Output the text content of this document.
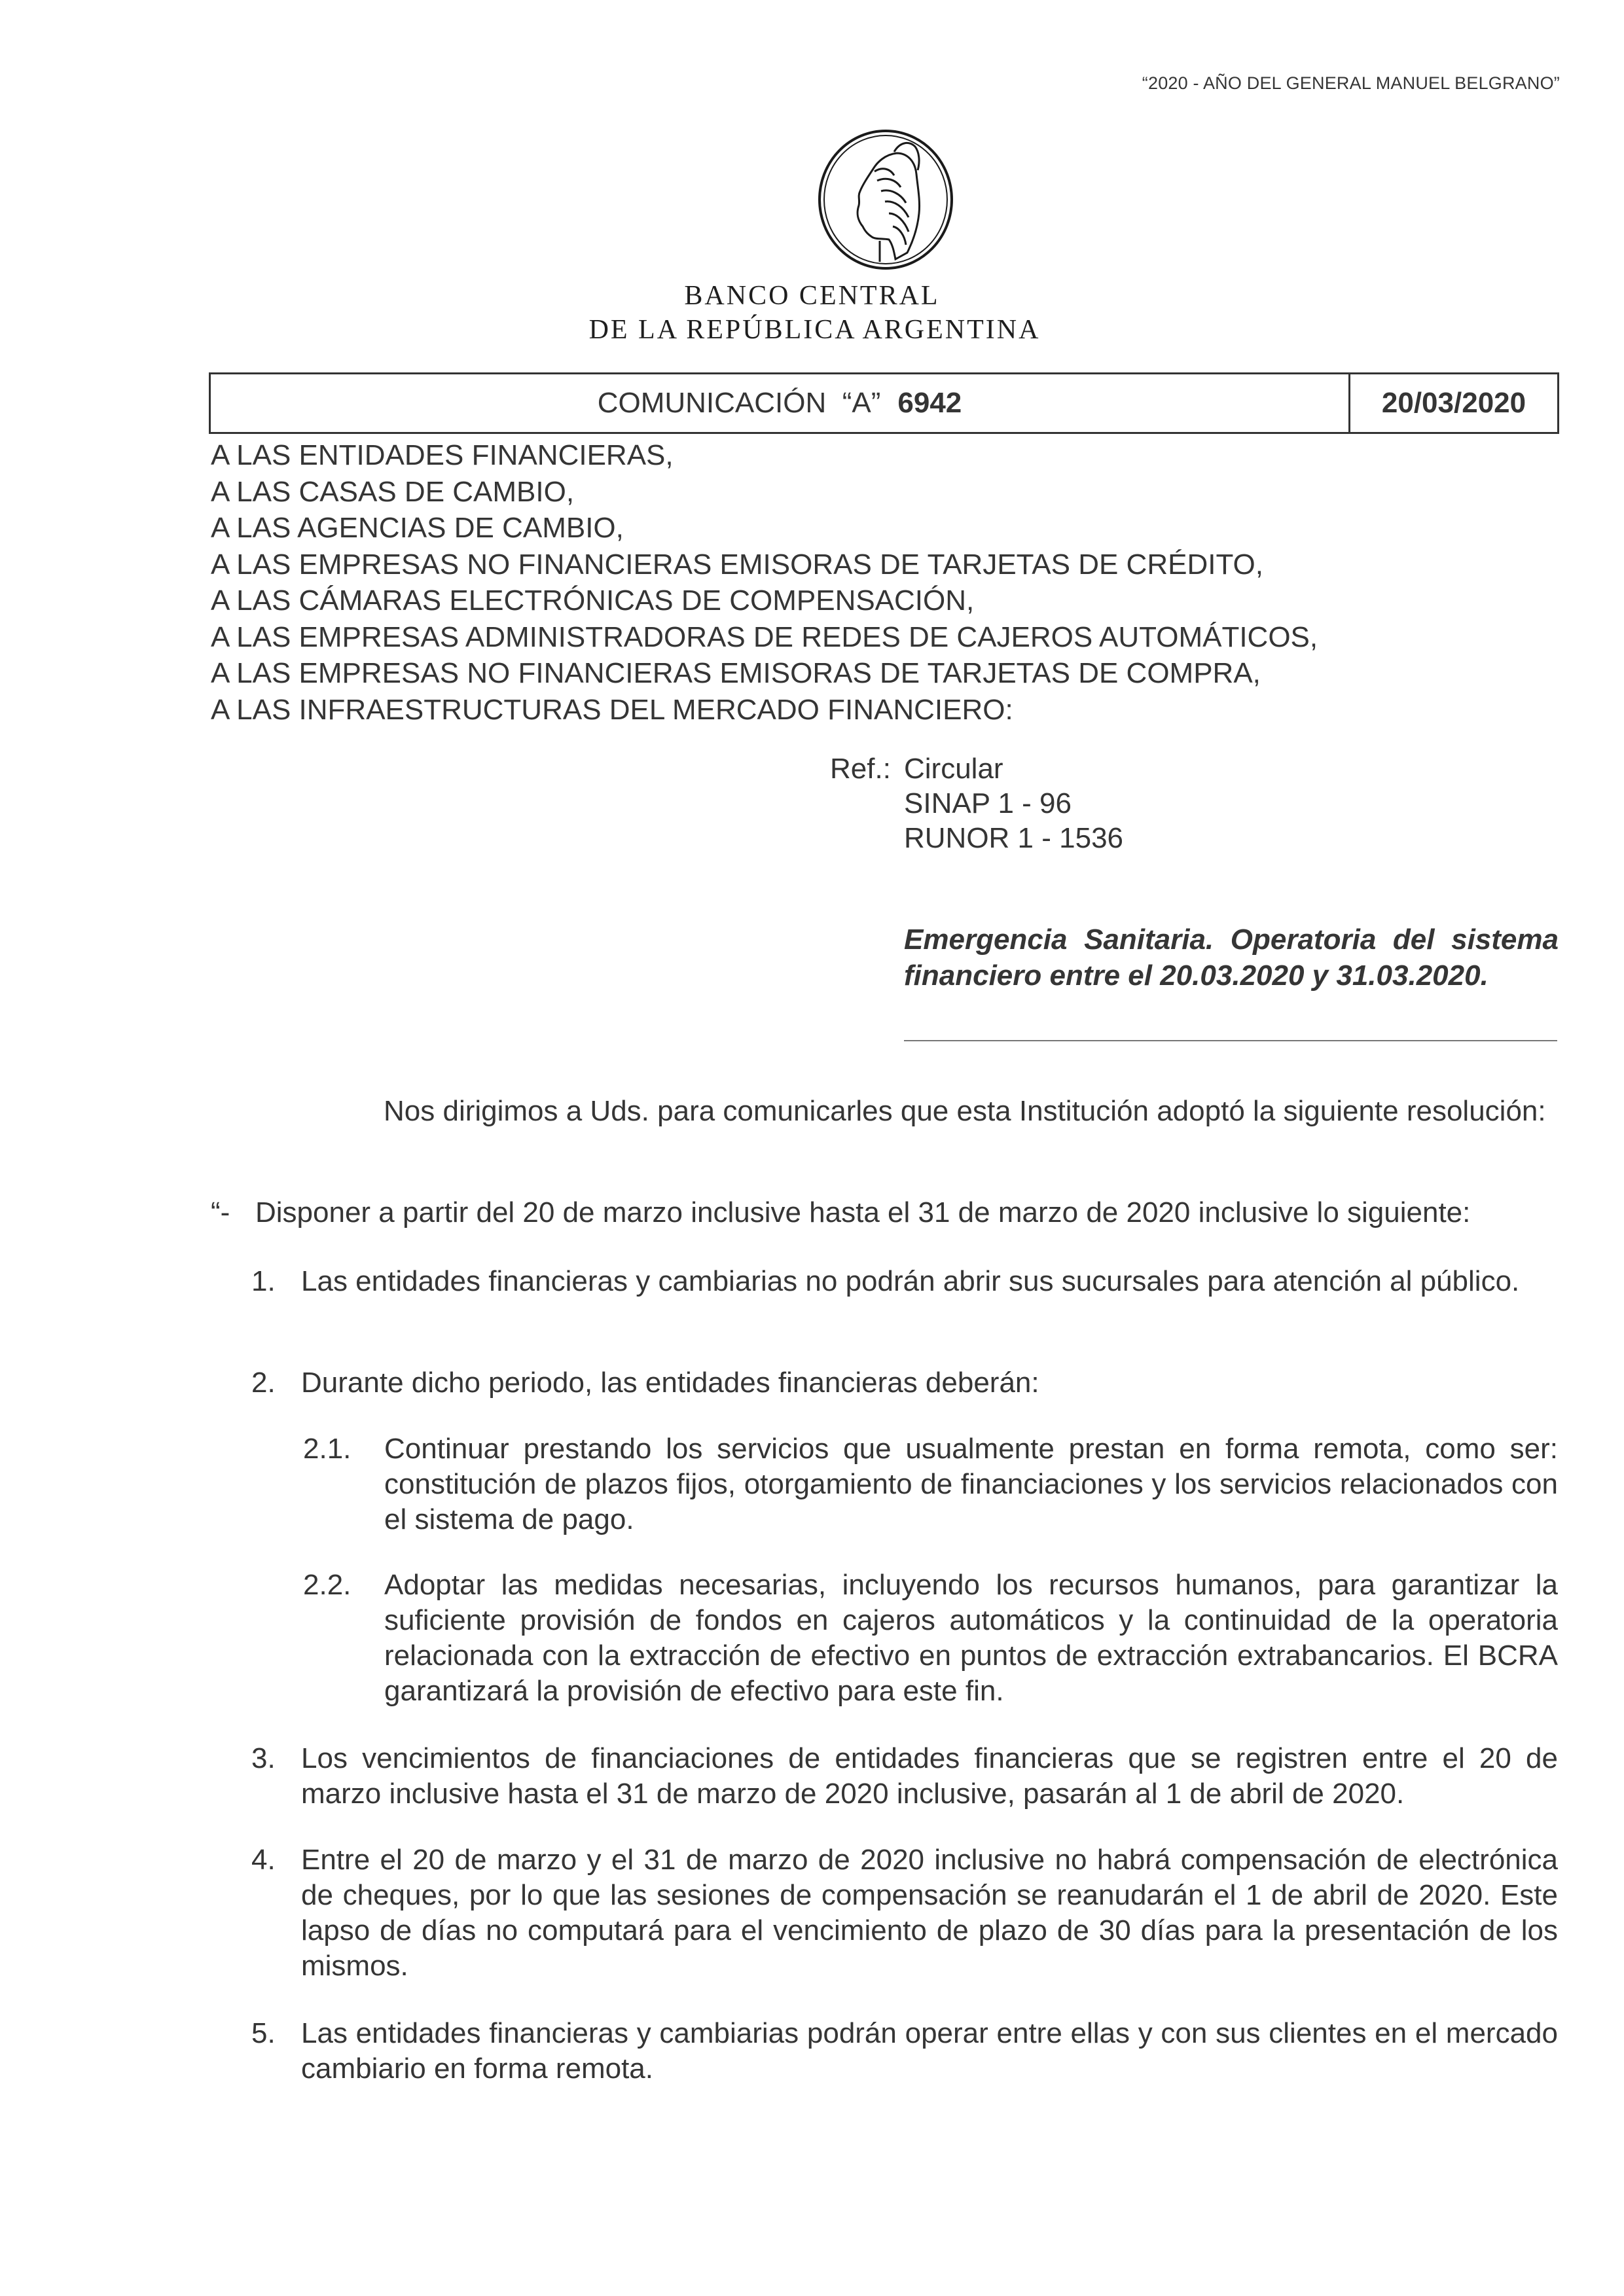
“2020 - AÑO DEL GENERAL MANUEL BELGRANO”
BANCO CENTRAL
DE LA REPÚBLICA ARGENTINA
COMUNICACIÓN  “A” 6942	20/03/2020
A LAS ENTIDADES FINANCIERAS,
A LAS CASAS DE CAMBIO,
A LAS AGENCIAS DE CAMBIO,
A LAS EMPRESAS NO FINANCIERAS EMISORAS DE TARJETAS DE CRÉDITO,
A LAS CÁMARAS ELECTRÓNICAS DE COMPENSACIÓN,
A LAS EMPRESAS ADMINISTRADORAS DE REDES DE CAJEROS AUTOMÁTICOS,
A LAS EMPRESAS NO FINANCIERAS EMISORAS DE TARJETAS DE COMPRA,
A LAS INFRAESTRUCTURAS DEL MERCADO FINANCIERO:
Ref.: Circular
SINAP 1 - 96
RUNOR 1 - 1536
Emergencia Sanitaria. Operatoria del sistema financiero entre el 20.03.2020 y 31.03.2020.
Nos dirigimos a Uds. para comunicarles que esta Institución adoptó la siguiente resolución:
“- Disponer a partir del 20 de marzo inclusive hasta el 31 de marzo de 2020 inclusive lo siguiente:
1. Las entidades financieras y cambiarias no podrán abrir sus sucursales para atención al público.
2. Durante dicho periodo, las entidades financieras deberán:
2.1.	Continuar prestando los servicios que usualmente prestan en forma remota, como ser: constitución de plazos fijos, otorgamiento de financiaciones y los servicios relacionados con el sistema de pago.
2.2.	Adoptar las medidas necesarias, incluyendo los recursos humanos, para garantizar la suficiente provisión de fondos en cajeros automáticos y la continuidad de la operatoria relacionada con la extracción de efectivo en puntos de extracción extrabancarios. El BCRA garantizará la provisión de efectivo para este fin.
3. Los vencimientos de financiaciones de entidades financieras que se registren entre el 20 de marzo inclusive hasta el 31 de marzo de 2020 inclusive, pasarán al 1 de abril de 2020.
4. Entre el 20 de marzo y el 31 de marzo de 2020 inclusive no habrá compensación de electrónica de cheques, por lo que las sesiones de compensación se reanudarán el 1 de abril de 2020. Este lapso de días no computará para el vencimiento de plazo de 30 días para la presentación de los mismos.
5. Las entidades financieras y cambiarias podrán operar entre ellas y con sus clientes en el mercado cambiario en forma remota.
